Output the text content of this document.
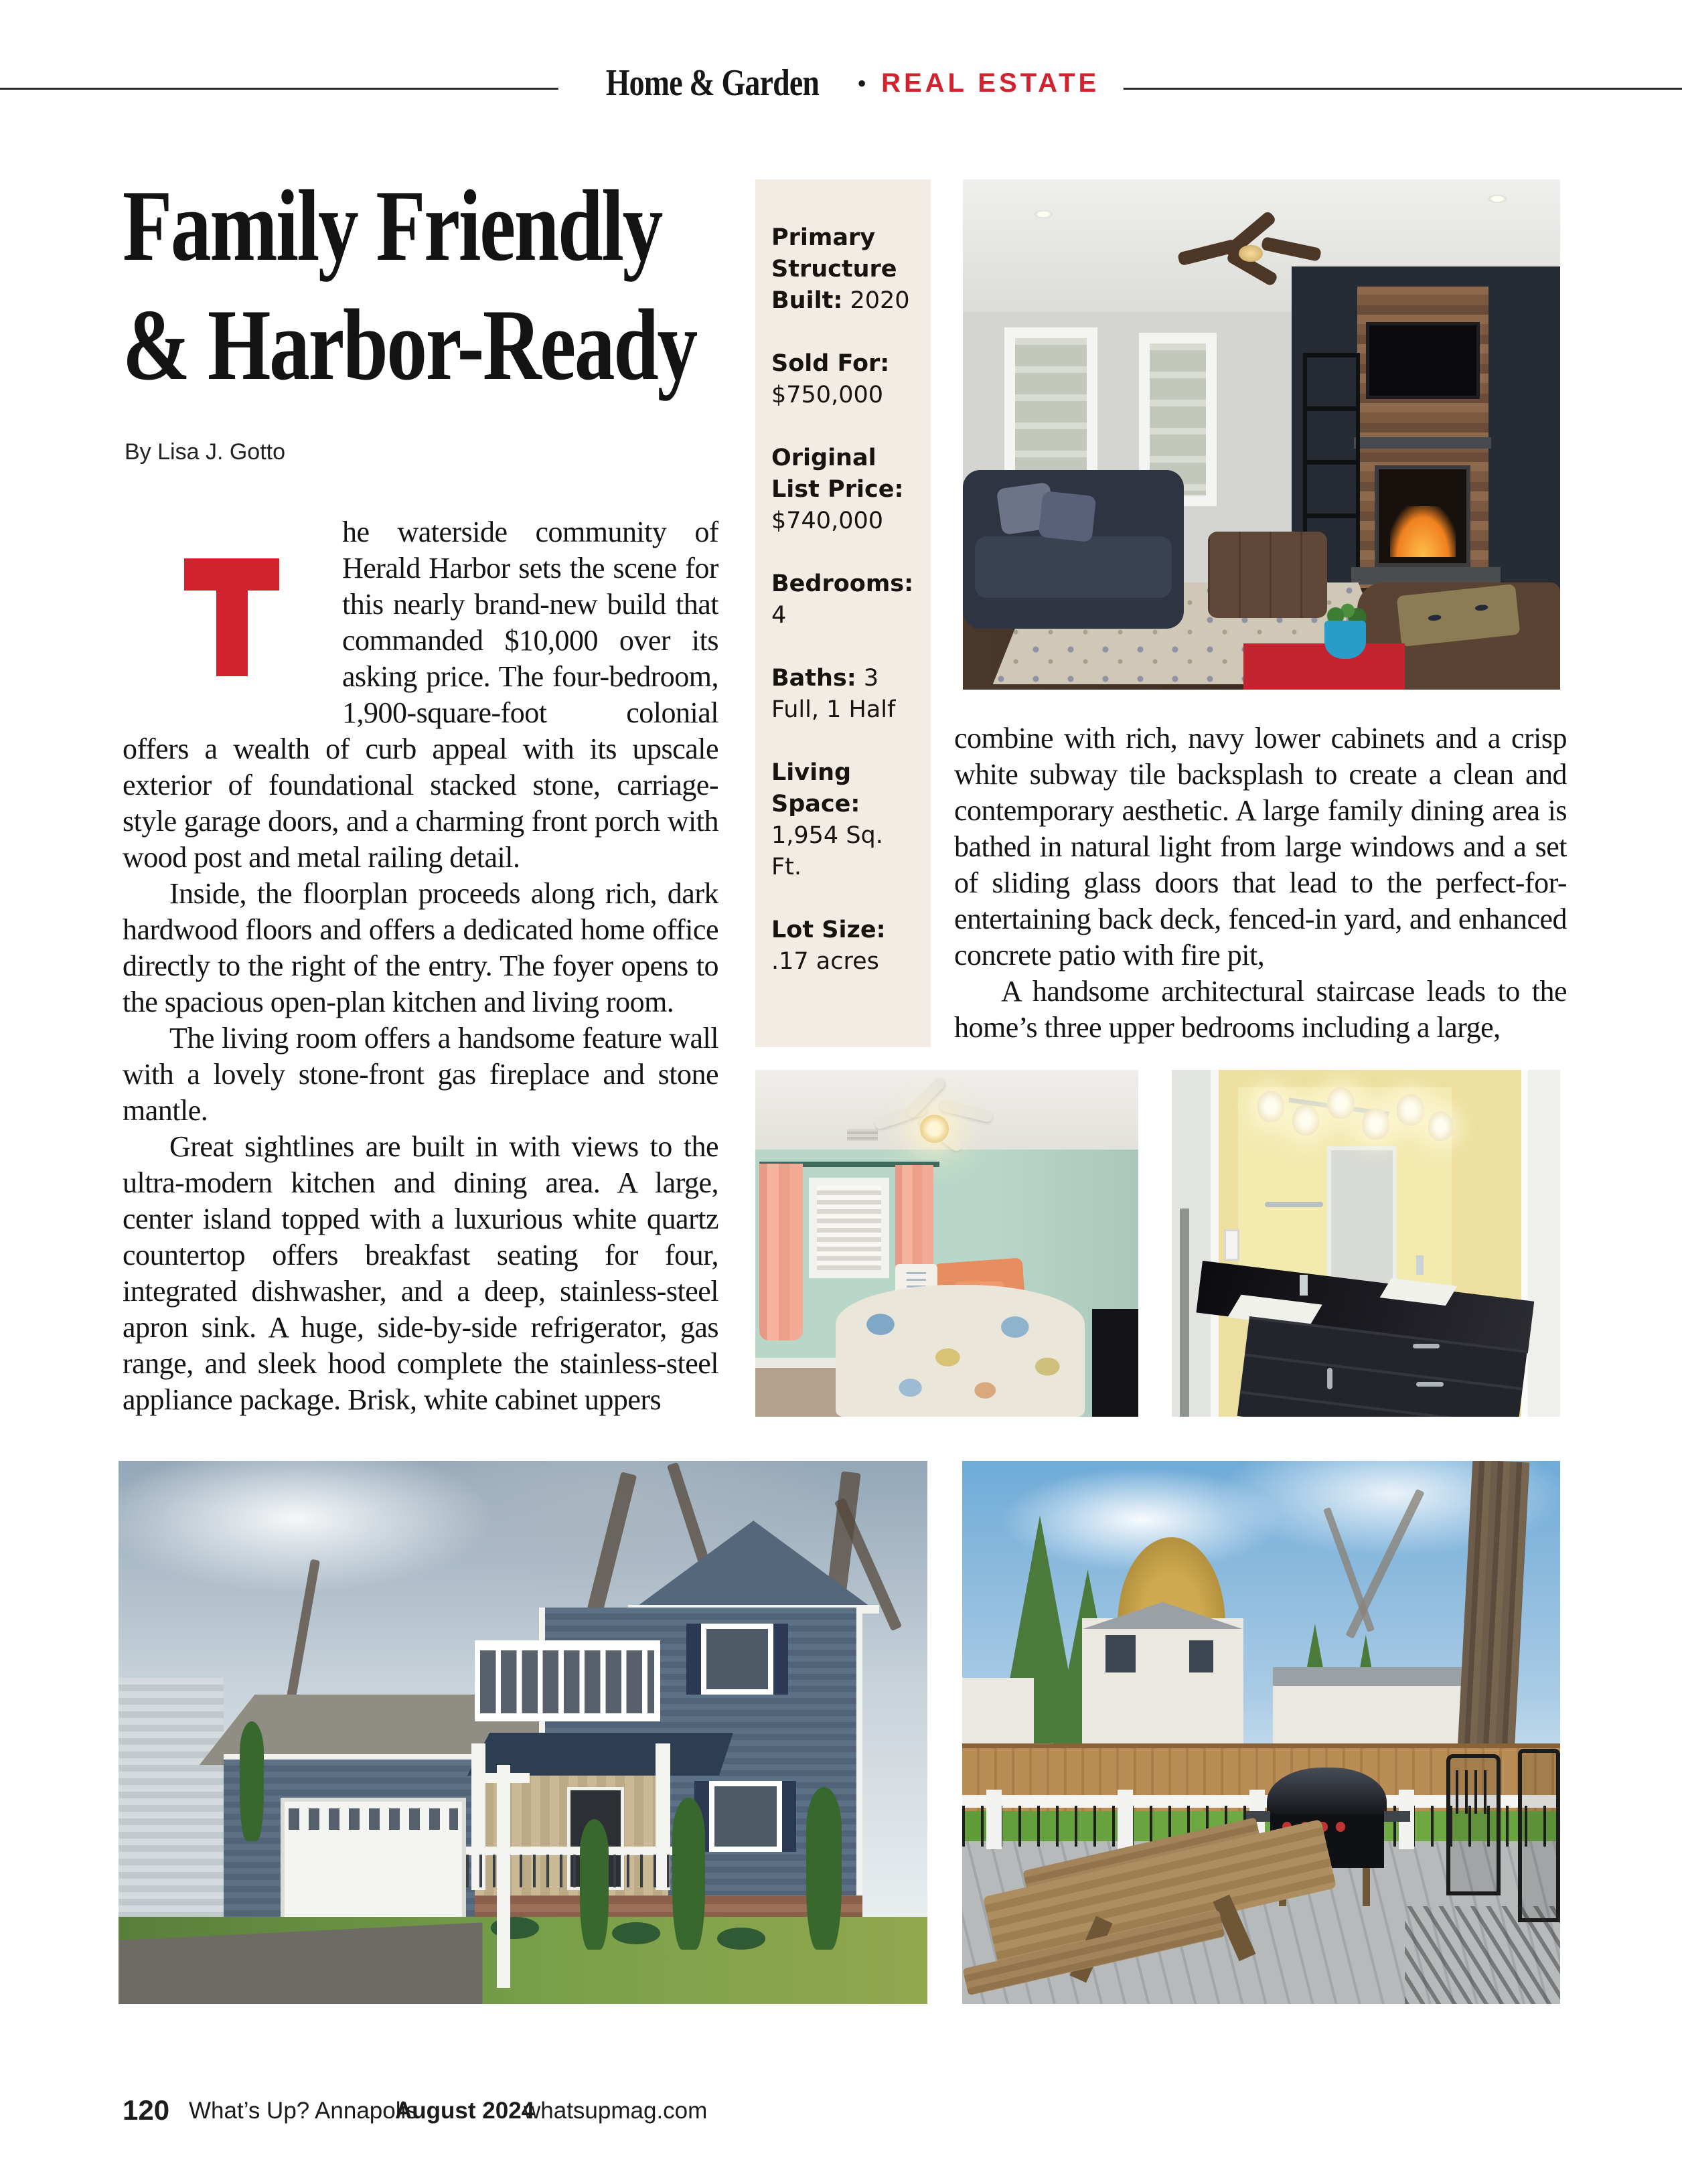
Home & Garden • REAL ESTATE
Family Friendly
& Harbor-Ready
By Lisa J. Gotto

he waterside community of Herald Harbor sets the scene for this nearly brand-new build that commanded $10,000 over its asking price. The four-bedroom, 1,900-square-foot colonial offers a wealth of curb appeal with its upscale exterior of foundational stacked stone, carriage-style garage doors, and a charming front porch with wood post and metal railing detail.

Inside, the floorplan proceeds along rich, dark hardwood floors and offers a dedicated home office directly to the right of the entry. The foyer opens to the spacious open-plan kitchen and living room.

The living room offers a handsome feature wall with a lovely stone-front gas fireplace and stone mantle.

Great sightlines are built in with views to the ultra-modern kitchen and dining area. A large, center island topped with a luxurious white quartz countertop offers breakfast seating for four, integrated dishwasher, and a deep, stainless-steel apron sink. A huge, side-by-side refrigerator, gas range, and sleek hood complete the stainless-steel appliance package. Brisk, white cabinet uppers

combine with rich, navy lower cabinets and a crisp white subway tile backsplash to create a clean and contemporary aesthetic. A large family dining area is bathed in natural light from large windows and a set of sliding glass doors that lead to the perfect-for-entertaining back deck, fenced-in yard, and enhanced concrete patio with fire pit,

A handsome architectural staircase leads to the home’s three upper bedrooms including a large,

Primary Structure Built: 2020
Sold For: $750,000
Original List Price: $740,000
Bedrooms: 4
Baths: 3 Full, 1 Half
Living Space: 1,954 Sq. Ft.
Lot Size: .17 acres
120 What’s Up? Annapolis
August 2024
whatsupmag.com
